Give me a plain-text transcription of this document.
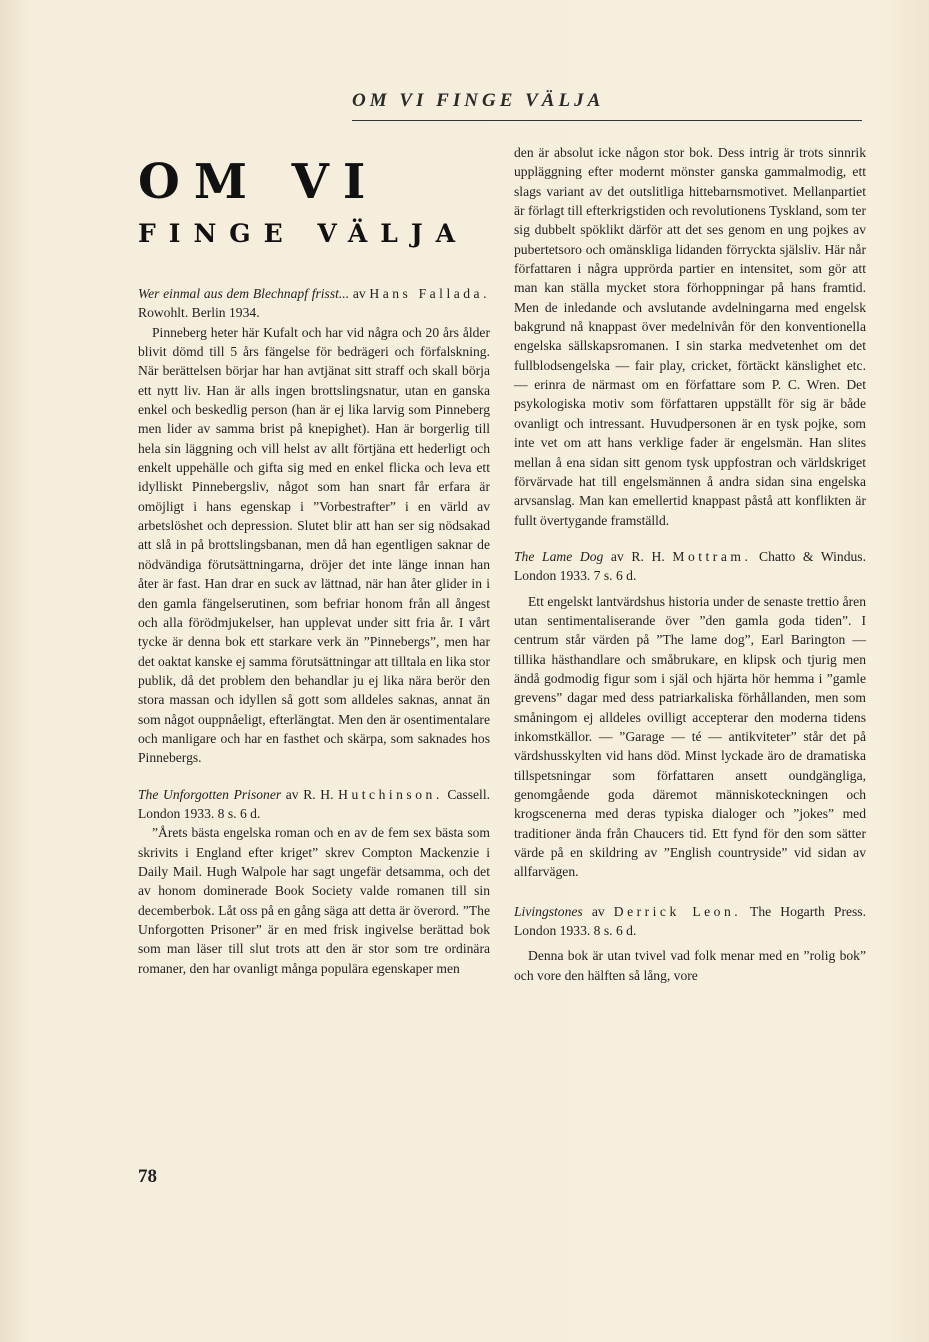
OM VI FINGE VÄLJA
OM VI
FINGE VÄLJA

Wer einmal aus dem Blechnapf frisst... av Hans Fallada. Rowohlt. Berlin 1934.

Pinneberg heter här Kufalt och har vid några och 20 års ålder blivit dömd till 5 års fängelse för bedrägeri och förfalskning. När berättelsen börjar har han avtjänat sitt straff och skall börja ett nytt liv. Han är alls ingen brottslingsnatur, utan en ganska enkel och beskedlig person (han är ej lika larvig som Pinneberg men lider av samma brist på knepighet). Han är borgerlig till hela sin läggning och vill helst av allt förtjäna ett hederligt och enkelt uppehälle och gifta sig med en enkel flicka och leva ett idylliskt Pinnebergsliv, något som han snart får erfara är omöjligt i hans egenskap i ”Vorbestrafter” i en värld av arbetslöshet och depression. Slutet blir att han ser sig nödsakad att slå in på brottslingsbanan, men då han egentligen saknar de nödvändiga förutsättningarna, dröjer det inte länge innan han åter är fast. Han drar en suck av lättnad, när han åter glider in i den gamla fängelserutinen, som befriar honom från all ångest och alla förödmjukelser, han upplevat under sitt fria år. I vårt tycke är denna bok ett starkare verk än ”Pinnebergs”, men har det oaktat kanske ej samma förutsättningar att tilltala en lika stor publik, då det problem den behandlar ju ej lika nära berör den stora massan och idyllen så gott som alldeles saknas, annat än som något ouppnåeligt, efterlängtat. Men den är osentimentalare och manligare och har en fasthet och skärpa, som saknades hos Pinnebergs.

The Unforgotten Prisoner av R. H. Hutchinson. Cassell. London 1933. 8 s. 6 d.

”Årets bästa engelska roman och en av de fem sex bästa som skrivits i England efter kriget” skrev Compton Mackenzie i Daily Mail. Hugh Walpole har sagt ungefär detsamma, och det av honom dominerade Book Society valde romanen till sin decemberbok. Låt oss på en gång säga att detta är överord. ”The Unforgotten Prisoner” är en med frisk ingivelse berättad bok som man läser till slut trots att den är stor som tre ordinära romaner, den har ovanligt många populära egenskaper men

den är absolut icke någon stor bok. Dess intrig är trots sinnrik uppläggning efter modernt mönster ganska gammalmodig, ett slags variant av det outslitliga hittebarnsmotivet. Mellanpartiet är förlagt till efterkrigstiden och revolutionens Tyskland, som ter sig dubbelt spöklikt därför att det ses genom en ung pojkes av pubertetsoro och omänskliga lidanden förryckta själsliv. Här når författaren i några upprörda partier en intensitet, som gör att man kan ställa mycket stora förhoppningar på hans framtid. Men de inledande och avslutande avdelningarna med engelsk bakgrund nå knappast över medelnivån för den konventionella engelska sällskapsromanen. I sin starka medvetenhet om det fullblodsengelska — fair play, cricket, förtäckt känslighet etc. — erinra de närmast om en författare som P. C. Wren. Det psykologiska motiv som författaren uppställt för sig är både ovanligt och intressant. Huvudpersonen är en tysk pojke, som inte vet om att hans verklige fader är engelsmän. Han slites mellan å ena sidan sitt genom tysk uppfostran och världskriget förvärvade hat till engelsmännen å andra sidan sina engelska arvsanslag. Man kan emellertid knappast påstå att konflikten är fullt övertygande framställd.

The Lame Dog av R. H. Mottram. Chatto & Windus. London 1933. 7 s. 6 d.

Ett engelskt lantvärdshus historia under de senaste trettio åren utan sentimentaliserande över ”den gamla goda tiden”. I centrum står värden på ”The lame dog”, Earl Barington — tillika hästhandlare och småbrukare, en klipsk och tjurig men ändå godmodig figur som i själ och hjärta hör hemma i ”gamle grevens” dagar med dess patriarkaliska förhållanden, men som småningom ej alldeles ovilligt accepterar den moderna tidens inkomstkällor. — ”Garage — té — antikviteter” står det på värdshusskylten vid hans död. Minst lyckade äro de dramatiska tillspetsningar som författaren ansett oundgängliga, genomgående goda däremot människoteckningen och krogscenerna med deras typiska dialoger och ”jokes” med traditioner ända från Chaucers tid. Ett fynd för den som sätter värde på en skildring av ”English countryside” vid sidan av allfarvägen.

Livingstones av Derrick Leon. The Hogarth Press. London 1933. 8 s. 6 d.

Denna bok är utan tvivel vad folk menar med en ”rolig bok” och vore den hälften så lång, vore

78
